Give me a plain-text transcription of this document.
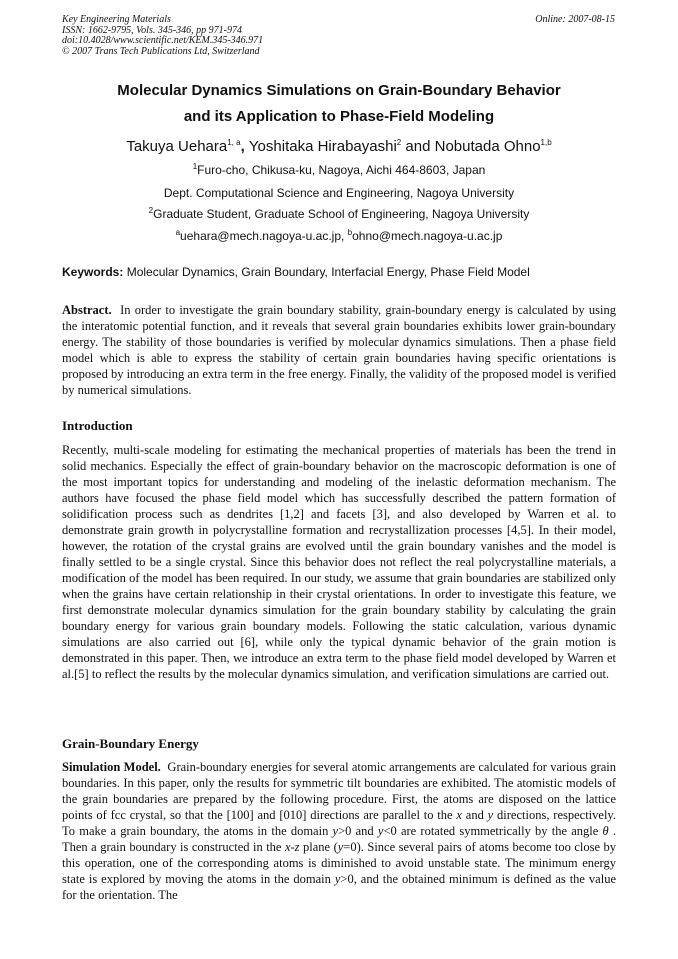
Key Engineering Materials
ISSN: 1662-9795, Vols. 345-346, pp 971-974
doi:10.4028/www.scientific.net/KEM.345-346.971
© 2007 Trans Tech Publications Ltd, Switzerland
Online: 2007-08-15
Molecular Dynamics Simulations on Grain-Boundary Behavior
and its Application to Phase-Field Modeling
Takuya Uehara$^{1, a}$, Yoshitaka Hirabayashi$^2$ and Nobutada Ohno$^{1,b}$
$^1$Furo-cho, Chikusa-ku, Nagoya, Aichi 464-8603, Japan
Dept. Computational Science and Engineering, Nagoya University
$^2$Graduate Student, Graduate School of Engineering, Nagoya University
$^a$uehara@mech.nagoya-u.ac.jp, $^b$ohno@mech.nagoya-u.ac.jp
Keywords: Molecular Dynamics, Grain Boundary, Interfacial Energy, Phase Field Model
Abstract.  In order to investigate the grain boundary stability, grain-boundary energy is calculated by using the interatomic potential function, and it reveals that several grain boundaries exhibits lower grain-boundary energy. The stability of those boundaries is verified by molecular dynamics simulations. Then a phase field model which is able to express the stability of certain grain boundaries having specific orientations is proposed by introducing an extra term in the free energy. Finally, the validity of the proposed model is verified by numerical simulations.
Introduction
Recently, multi-scale modeling for estimating the mechanical properties of materials has been the trend in solid mechanics. Especially the effect of grain-boundary behavior on the macroscopic deformation is one of the most important topics for understanding and modeling of the inelastic deformation mechanism. The authors have focused the phase field model which has successfully described the pattern formation of solidification process such as dendrites [1,2] and facets [3], and also developed by Warren et al. to demonstrate grain growth in polycrystalline formation and recrystallization processes [4,5]. In their model, however, the rotation of the crystal grains are evolved until the grain boundary vanishes and the model is finally settled to be a single crystal. Since this behavior does not reflect the real polycrystalline materials, a modification of the model has been required. In our study, we assume that grain boundaries are stabilized only when the grains have certain relationship in their crystal orientations. In order to investigate this feature, we first demonstrate molecular dynamics simulation for the grain boundary stability by calculating the grain boundary energy for various grain boundary models. Following the static calculation, various dynamic simulations are also carried out [6], while only the typical dynamic behavior of the grain motion is demonstrated in this paper. Then, we introduce an extra term to the phase field model developed by Warren et al.[5] to reflect the results by the molecular dynamics simulation, and verification simulations are carried out.
Grain-Boundary Energy
Simulation Model.  Grain-boundary energies for several atomic arrangements are calculated for various grain boundaries. In this paper, only the results for symmetric tilt boundaries are exhibited. The atomistic models of the grain boundaries are prepared by the following procedure. First, the atoms are disposed on the lattice points of fcc crystal, so that the [100] and [010] directions are parallel to the x and y directions, respectively. To make a grain boundary, the atoms in the domain y>0 and y<0 are rotated symmetrically by the angle θ . Then a grain boundary is constructed in the x-z plane (y=0). Since several pairs of atoms become too close by this operation, one of the corresponding atoms is diminished to avoid unstable state. The minimum energy state is explored by moving the atoms in the domain y>0, and the obtained minimum is defined as the value for the orientation. The
